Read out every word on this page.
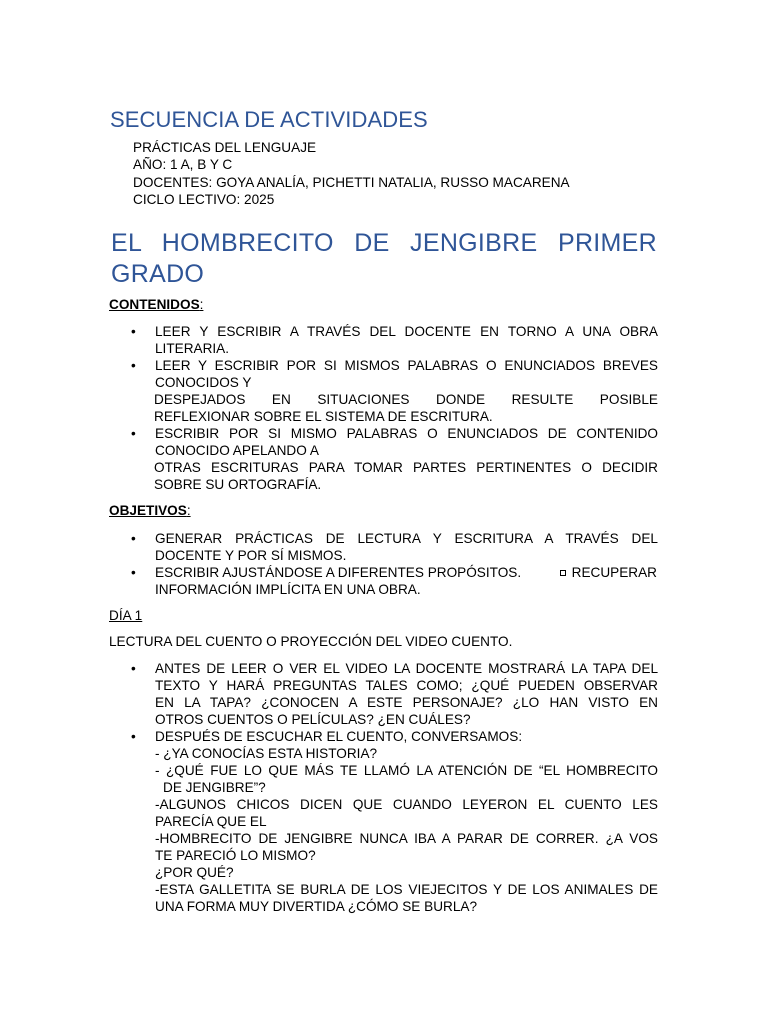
SECUENCIA DE ACTIVIDADES
PRÁCTICAS DEL LENGUAJE
AÑO: 1 A, B Y C
DOCENTES: GOYA ANALÍA, PICHETTI NATALIA, RUSSO MACARENA
CICLO LECTIVO: 2025
EL HOMBRECITO DE JENGIBRE PRIMER GRADO
CONTENIDOS:
• LEER Y ESCRIBIR A TRAVÉS DEL DOCENTE EN TORNO A UNA OBRA
LITERARIA.
• LEER Y ESCRIBIR POR SI MISMOS PALABRAS O ENUNCIADOS BREVES
CONOCIDOS Y
DESPEJADOS EN SITUACIONES DONDE RESULTE POSIBLE
REFLEXIONAR SOBRE EL SISTEMA DE ESCRITURA.
• ESCRIBIR POR SI MISMO PALABRAS O ENUNCIADOS DE CONTENIDO
CONOCIDO APELANDO A
OTRAS ESCRITURAS PARA TOMAR PARTES PERTINENTES O DECIDIR
SOBRE SU ORTOGRAFÍA.
OBJETIVOS:
• GENERAR PRÁCTICAS DE LECTURA Y ESCRITURA A TRAVÉS DEL
DOCENTE Y POR SÍ MISMOS.
• ESCRIBIR AJUSTÁNDOSE A DIFERENTES PROPÓSITOS.	RECUPERAR
INFORMACIÓN IMPLÍCITA EN UNA OBRA.
DÍA 1
LECTURA DEL CUENTO O PROYECCIÓN DEL VIDEO CUENTO.
• ANTES DE LEER O VER EL VIDEO LA DOCENTE MOSTRARÁ LA TAPA DEL
TEXTO Y HARÁ PREGUNTAS TALES COMO; ¿QUÉ PUEDEN OBSERVAR
EN LA TAPA? ¿CONOCEN A ESTE PERSONAJE? ¿LO HAN VISTO EN
OTROS CUENTOS O PELÍCULAS? ¿EN CUÁLES?
• DESPUÉS DE ESCUCHAR EL CUENTO, CONVERSAMOS:
- ¿YA CONOCÍAS ESTA HISTORIA?
- ¿QUÉ FUE LO QUE MÁS TE LLAMÓ LA ATENCIÓN DE “EL HOMBRECITO
DE JENGIBRE”?
-ALGUNOS CHICOS DICEN QUE CUANDO LEYERON EL CUENTO LES
PARECÍA QUE EL
-HOMBRECITO DE JENGIBRE NUNCA IBA A PARAR DE CORRER. ¿A VOS
TE PARECIÓ LO MISMO?
¿POR QUÉ?
-ESTA GALLETITA SE BURLA DE LOS VIEJECITOS Y DE LOS ANIMALES DE
UNA FORMA MUY DIVERTIDA ¿CÓMO SE BURLA?
